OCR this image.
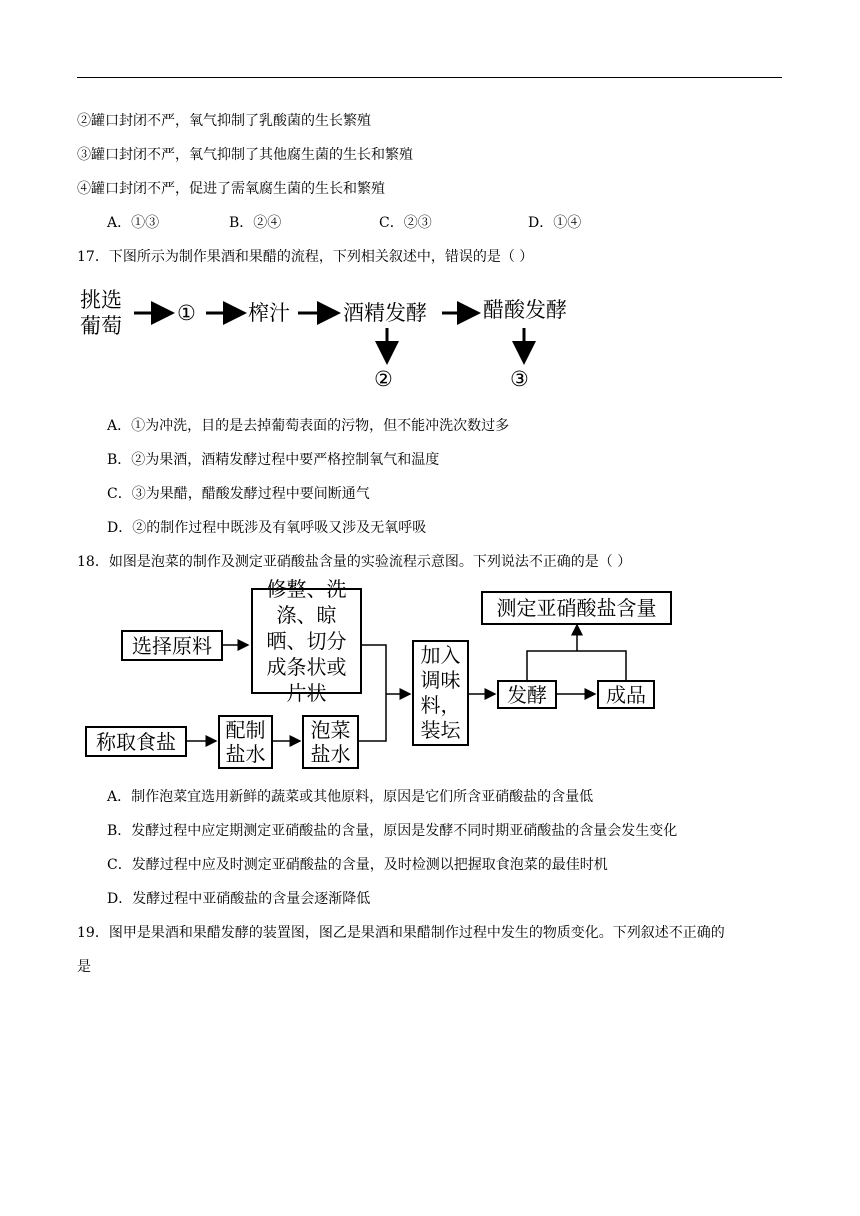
②罐口封闭不严，氧气抑制了乳酸菌的生长繁殖
③罐口封闭不严，氧气抑制了其他腐生菌的生长和繁殖
④罐口封闭不严，促进了需氧腐生菌的生长和繁殖
A．①③	B．②④	C．②③	D．①④
17．下图所示为制作果酒和果醋的流程，下列相关叙述中，错误的是（ ）
挑选
葡萄
① 榨汁	酒精发酵	醋酸发酵
②	③
A．①为冲洗，目的是去掉葡萄表面的污物，但不能冲洗次数过多
B．②为果酒，酒精发酵过程中要严格控制氧气和温度
C．③为果醋，醋酸发酵过程中要间断通气
D．②的制作过程中既涉及有氧呼吸又涉及无氧呼吸
18．如图是泡菜的制作及测定亚硝酸盐含量的实验流程示意图。下列说法不正确的是（ ）
选择原料
修整、洗涤、晾晒、切分成条状或片状
称取食盐	配制盐水
泡菜盐水
加入调味料，装坛
测定亚硝酸盐含量
发酵	成品
A．制作泡菜宜选用新鲜的蔬菜或其他原料，原因是它们所含亚硝酸盐的含量低
B．发酵过程中应定期测定亚硝酸盐的含量，原因是发酵不同时期亚硝酸盐的含量会发生变化
C．发酵过程中应及时测定亚硝酸盐的含量，及时检测以把握取食泡菜的最佳时机
D．发酵过程中亚硝酸盐的含量会逐渐降低
19．图甲是果酒和果醋发酵的装置图，图乙是果酒和果醋制作过程中发生的物质变化。下列叙述不正确的
是
